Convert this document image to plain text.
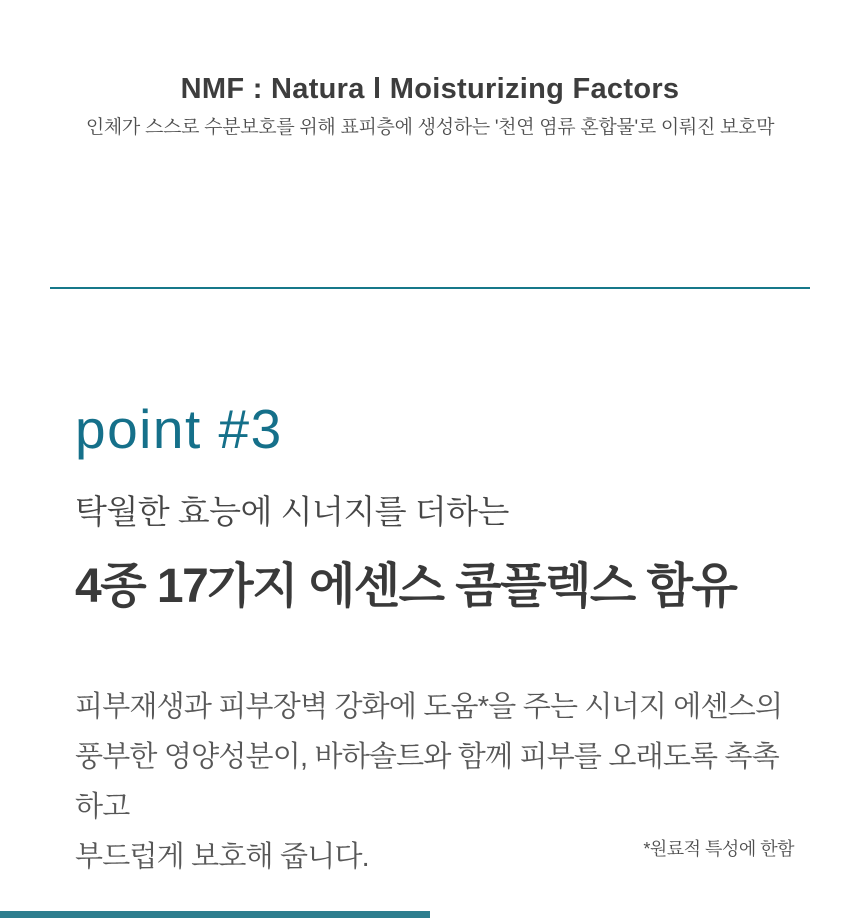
NMF : Natura l Moisturizing Factors
인체가 스스로 수분보호를 위해 표피층에 생성하는 '천연 염류 혼합물'로 이뤄진 보호막
point #3
탁월한 효능에 시너지를 더하는
4종 17가지 에센스 콤플렉스 함유
피부재생과 피부장벽 강화에 도움*을 주는 시너지 에센스의
풍부한 영양성분이, 바하솔트와 함께 피부를 오래도록 촉촉하고
부드럽게 보호해 줍니다.	*원료적 특성에 한함
